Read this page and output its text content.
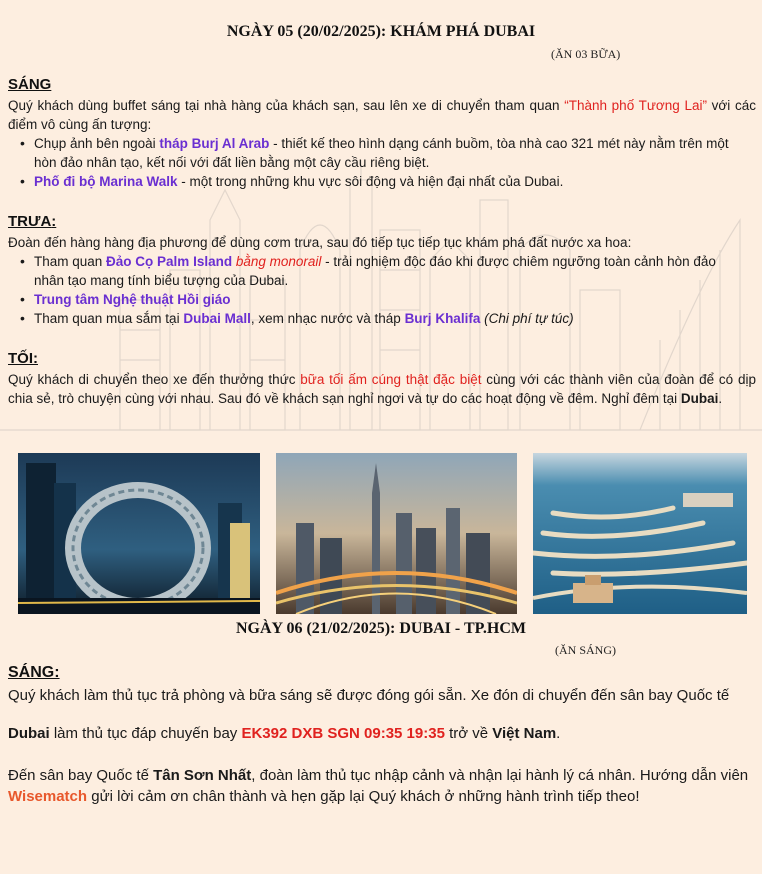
NGÀY 05 (20/02/2025): KHÁM PHÁ DUBAI
(ĂN 03 BỮA)
SÁNG

Quý khách dùng buffet sáng tại nhà hàng của khách sạn, sau lên xe di chuyển tham quan “Thành phố Tương Lai” với các điểm vô cùng ấn tượng:

• Chụp ảnh bên ngoài tháp Burj Al Arab - thiết kế theo hình dạng cánh buồm, tòa nhà cao 321 mét này nằm trên một hòn đảo nhân tạo, kết nối với đất liền bằng một cây cầu riêng biệt.
• Phố đi bộ Marina Walk - một trong những khu vực sôi động và hiện đại nhất của Dubai.
TRƯA:

Đoàn đến hàng hàng địa phương để dùng cơm trưa, sau đó tiếp tục tiếp tục khám phá đất nước xa hoa:

• Tham quan Đảo Cọ Palm Island bằng monorail - trải nghiệm độc đáo khi được chiêm ngưỡng toàn cảnh hòn đảo nhân tạo mang tính biểu tượng của Dubai.
• Trung tâm Nghệ thuật Hồi giáo
• Tham quan mua sắm tại Dubai Mall, xem nhạc nước và tháp Burj Khalifa (Chi phí tự túc)
TỐI:

Quý khách di chuyển theo xe đến thưởng thức bữa tối ấm cúng thật đặc biệt cùng với các thành viên của đoàn để có dịp chia sẻ, trò chuyện cùng với nhau. Sau đó về khách sạn nghỉ ngơi và tự do các hoạt động về đêm. Nghỉ đêm tại Dubai.

NGÀY 06 (21/02/2025): DUBAI - TP.HCM
(ĂN SÁNG)
SÁNG:

Quý khách làm thủ tục trả phòng và bữa sáng sẽ được đóng gói sẵn. Xe đón di chuyển đến sân bay Quốc tế

Dubai làm thủ tục đáp chuyến bay EK392 DXB SGN 09:35 19:35 trở về Việt Nam.

Đến sân bay Quốc tế Tân Sơn Nhất, đoàn làm thủ tục nhập cảnh và nhận lại hành lý cá nhân. Hướng dẫn viên Wisematch gửi lời cảm ơn chân thành và hẹn gặp lại Quý khách ở những hành trình tiếp theo!
